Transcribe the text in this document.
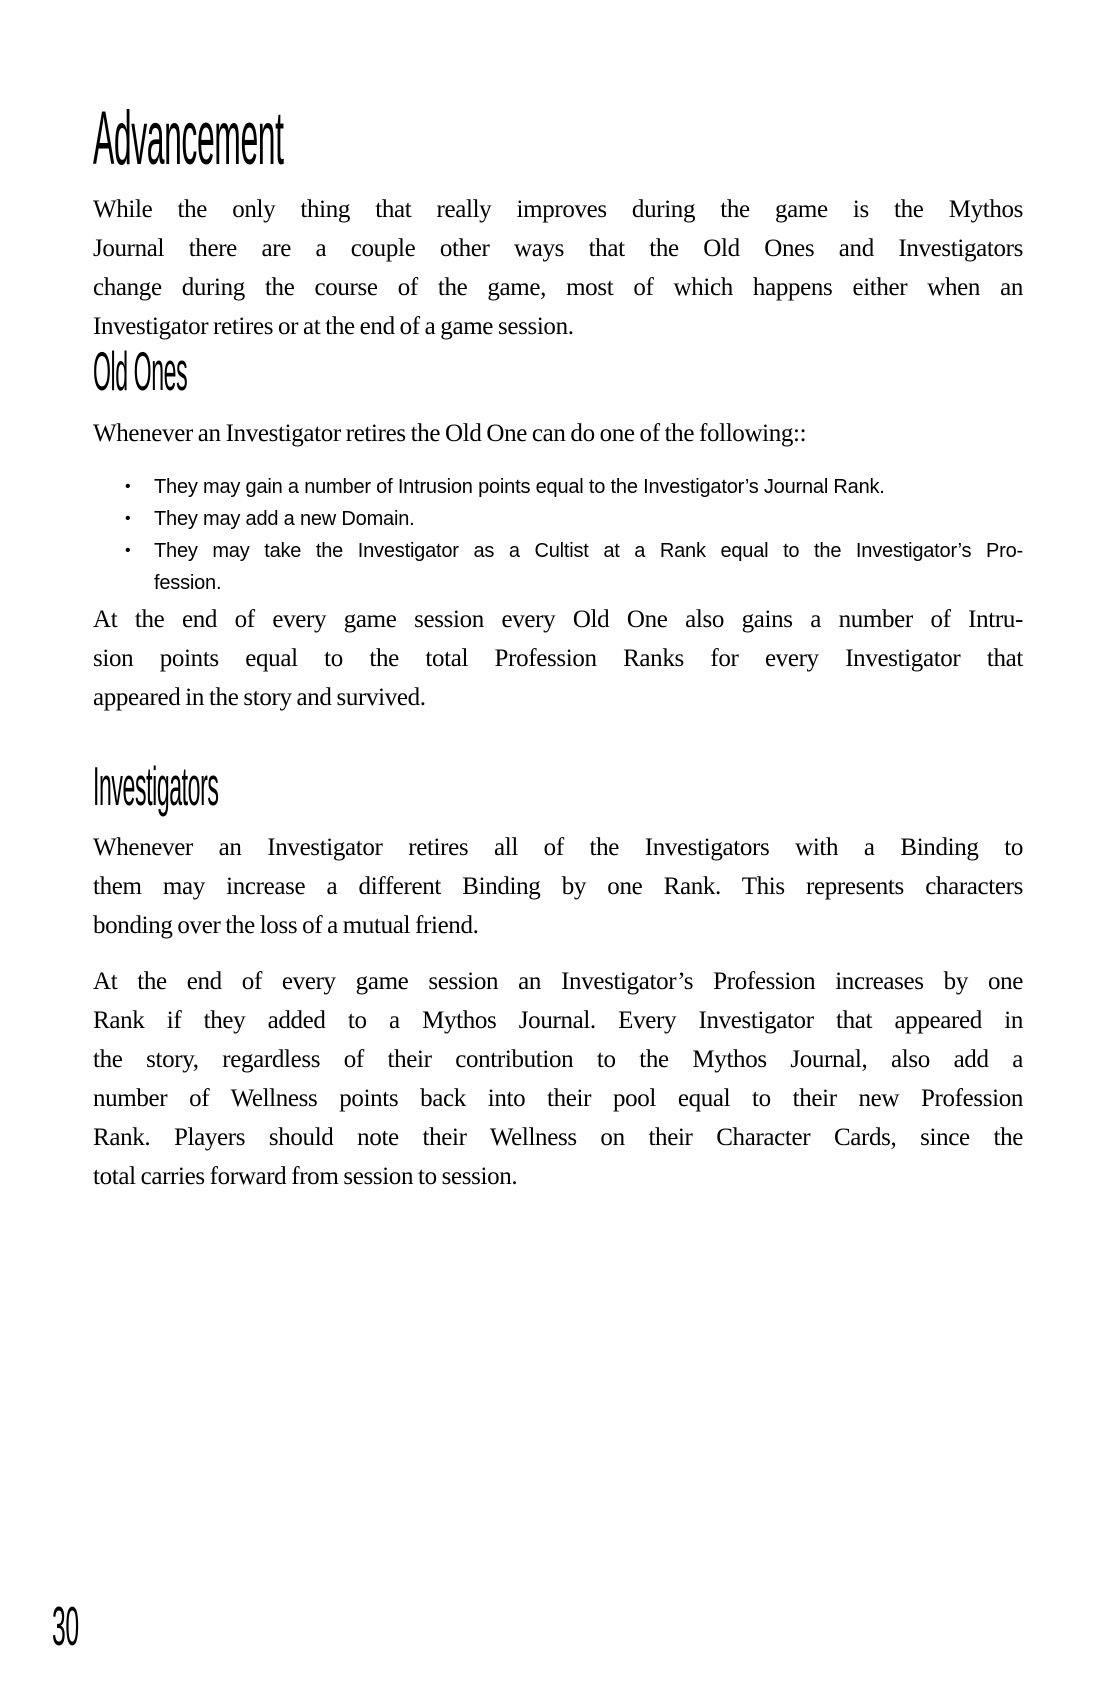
Advancement
While the only thing that really improves during the game is the Mythos
Journal there are a couple other ways that the Old Ones and Investigators
change during the course of the game, most of which happens either when an
Investigator retires or at the end of a game session.
Old Ones
Whenever an Investigator retires the Old One can do one of the following::
• They may gain a number of Intrusion points equal to the Investigator’s Journal Rank.
• They may add a new Domain.
• They may take the Investigator as a Cultist at a Rank equal to the Investigator’s Pro-
fession.
At the end of every game session every Old One also gains a number of Intru-
sion points equal to the total Profession Ranks for every Investigator that
appeared in the story and survived.
Investigators
Whenever an Investigator retires all of the Investigators with a Binding to
them may increase a different Binding by one Rank. This represents characters
bonding over the loss of a mutual friend.
At the end of every game session an Investigator’s Profession increases by one
Rank if they added to a Mythos Journal. Every Investigator that appeared in
the story, regardless of their contribution to the Mythos Journal, also add a
number of Wellness points back into their pool equal to their new Profession
Rank. Players should note their Wellness on their Character Cards, since the
total carries forward from session to session.
30
